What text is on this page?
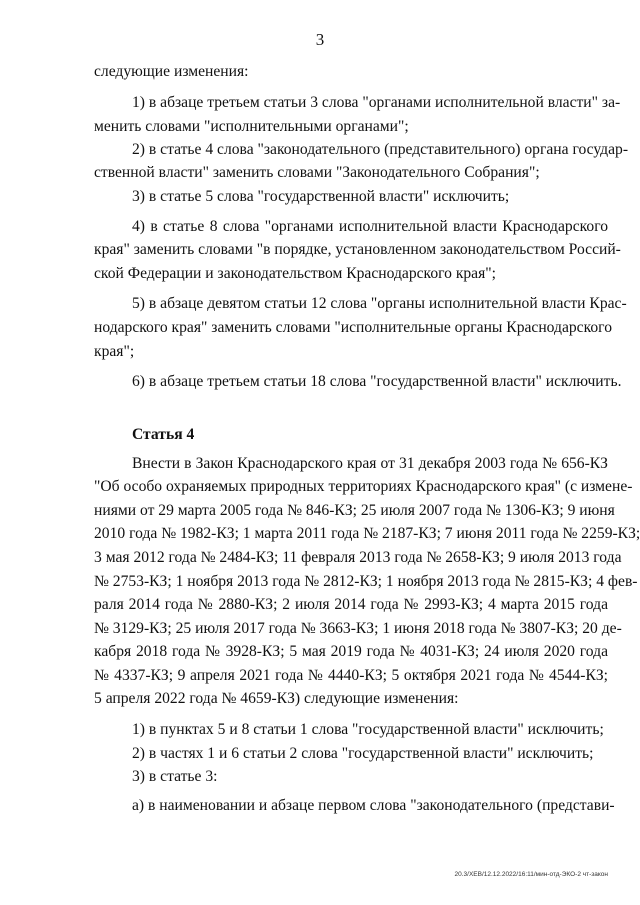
3
следующие изменения:
1) в абзаце третьем статьи 3 слова "органами исполнительной власти" за-
менить словами "исполнительными органами";
2) в статье 4 слова "законодательного (представительного) органа государ-
ственной власти" заменить словами "Законодательного Собрания";
3) в статье 5 слова "государственной власти" исключить;
4) в статье 8 слова "органами исполнительной власти Краснодарского
края" заменить словами "в порядке, установленном законодательством Россий-
ской Федерации и законодательством Краснодарского края";
5) в абзаце девятом статьи 12 слова "органы исполнительной власти Крас-
нодарского края" заменить словами "исполнительные органы Краснодарского
края";
6) в абзаце третьем статьи 18 слова "государственной власти" исключить.
Статья 4
Внести в Закон Краснодарского края от 31 декабря 2003 года № 656-КЗ
"Об особо охраняемых природных территориях Краснодарского края" (с измене-
ниями от 29 марта 2005 года № 846-КЗ; 25 июля 2007 года № 1306-КЗ; 9 июня
2010 года № 1982-КЗ; 1 марта 2011 года № 2187-КЗ; 7 июня 2011 года № 2259-КЗ;
3 мая 2012 года № 2484-КЗ; 11 февраля 2013 года № 2658-КЗ; 9 июля 2013 года
№ 2753-КЗ; 1 ноября 2013 года № 2812-КЗ; 1 ноября 2013 года № 2815-КЗ; 4 фев-
раля 2014 года № 2880-КЗ; 2 июля 2014 года № 2993-КЗ; 4 марта 2015 года
№ 3129-КЗ; 25 июля 2017 года № 3663-КЗ; 1 июня 2018 года № 3807-КЗ; 20 де-
кабря 2018 года № 3928-КЗ; 5 мая 2019 года № 4031-КЗ; 24 июля 2020 года
№ 4337-КЗ; 9 апреля 2021 года № 4440-КЗ; 5 октября 2021 года № 4544-КЗ;
5 апреля 2022 года № 4659-КЗ) следующие изменения:
1) в пунктах 5 и 8 статьи 1 слова "государственной власти" исключить;
2) в частях 1 и 6 статьи 2 слова "государственной власти" исключить;
3) в статье 3:
а) в наименовании и абзаце первом слова "законодательного (представи-
20.3/ХЕВ/12.12.2022/16:11/мин-отд-ЭКО-2 чт-закон
